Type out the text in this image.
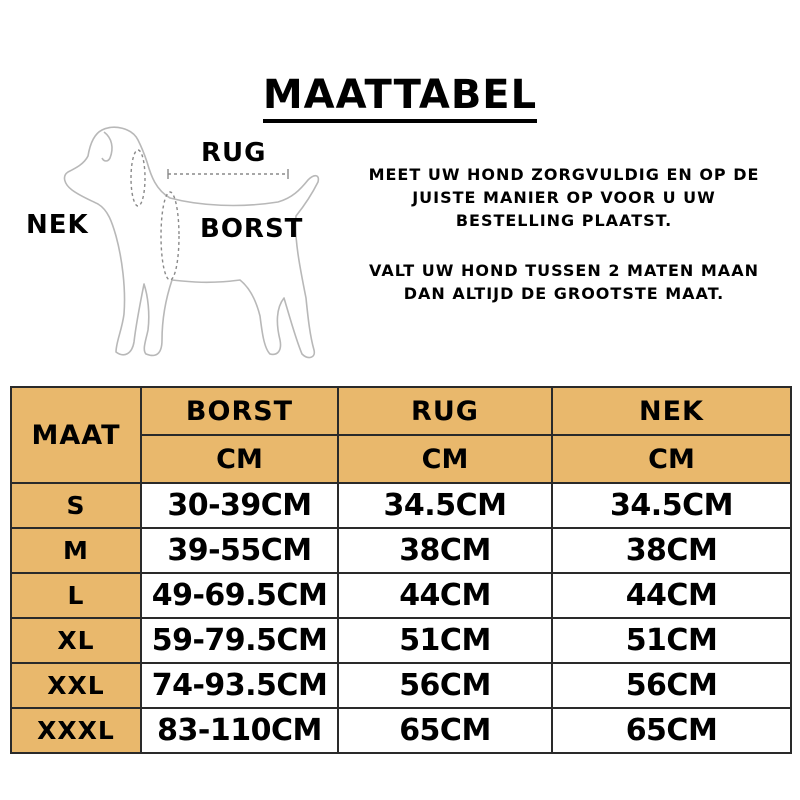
MAATTABEL
RUG
NEK	BORST
MEET UW HOND ZORGVULDIG EN OP DE JUISTE MANIER OP VOOR U UW BESTELLING PLAATST.
VALT UW HOND TUSSEN 2 MATEN MAAN DAN ALTIJD DE GROOTSTE MAAT.
MAAT	BORST	RUG	NEK
	CM	CM	CM
S	30-39CM	34.5CM	34.5CM
M	39-55CM	38CM	38CM
L	49-69.5CM	44CM	44CM
XL	59-79.5CM	51CM	51CM
XXL	74-93.5CM	56CM	56CM
XXXL	83-110CM	65CM	65CM
